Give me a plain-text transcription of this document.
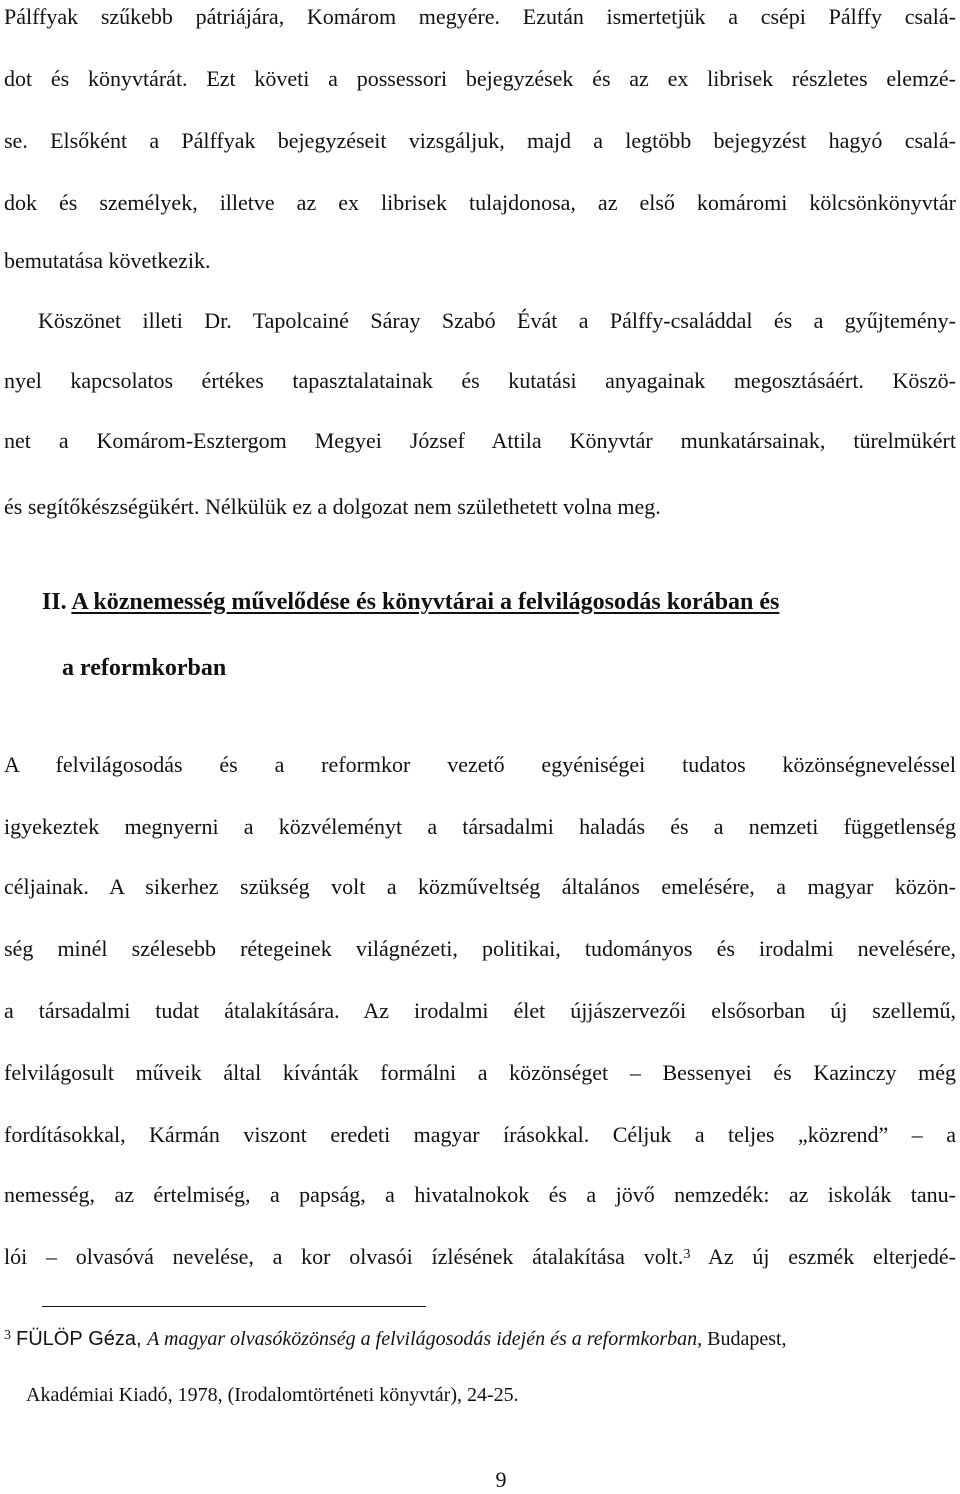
Pálffyak szűkebb pátriájára, Komárom megyére. Ezután ismertetjük a csépi Pálffy csalá-
dot és könyvtárát. Ezt követi a possessori bejegyzések és az ex librisek részletes elemzé-
se. Elsőként a Pálffyak bejegyzéseit vizsgáljuk, majd a legtöbb bejegyzést hagyó csalá-
dok és személyek, illetve az ex librisek tulajdonosa, az első komáromi kölcsönkönyvtár
bemutatása következik.
Köszönet illeti Dr. Tapolcainé Sáray Szabó Évát a Pálffy-családdal és a gyűjtemény-
nyel kapcsolatos értékes tapasztalatainak és kutatási anyagainak megosztásáért. Köszö-
net a Komárom-Esztergom Megyei József Attila Könyvtár munkatársainak, türelmükért
és segítőkészségükért. Nélkülük ez a dolgozat nem születhetett volna meg.
II. A köznemesség művelődése és könyvtárai a felvilágosodás korában és
a reformkorban
A felvilágosodás és a reformkor vezető egyéniségei tudatos közönségneveléssel
igyekeztek megnyerni a közvéleményt a társadalmi haladás és a nemzeti függetlenség
céljainak. A sikerhez szükség volt a közműveltség általános emelésére, a magyar közön-
ség minél szélesebb rétegeinek világnézeti, politikai, tudományos és irodalmi nevelésére,
a társadalmi tudat átalakítására. Az irodalmi élet újjászervezői elsősorban új szellemű,
felvilágosult műveik által kívánták formálni a közönséget – Bessenyei és Kazinczy még
fordításokkal, Kármán viszont eredeti magyar írásokkal. Céljuk a teljes „közrend” – a
nemesség, az értelmiség, a papság, a hivatalnokok és a jövő nemzedék: az iskolák tanu-
lói – olvasóvá nevelése, a kor olvasói ízlésének átalakítása volt.$^3$ Az új eszmék elterjedé-
$^3$ FÜLÖP Géza, A magyar olvasóközönség a felvilágosodás idején és a reformkorban, Budapest,
Akadémiai Kiadó, 1978, (Irodalomtörténeti könyvtár), 24-25.
9
